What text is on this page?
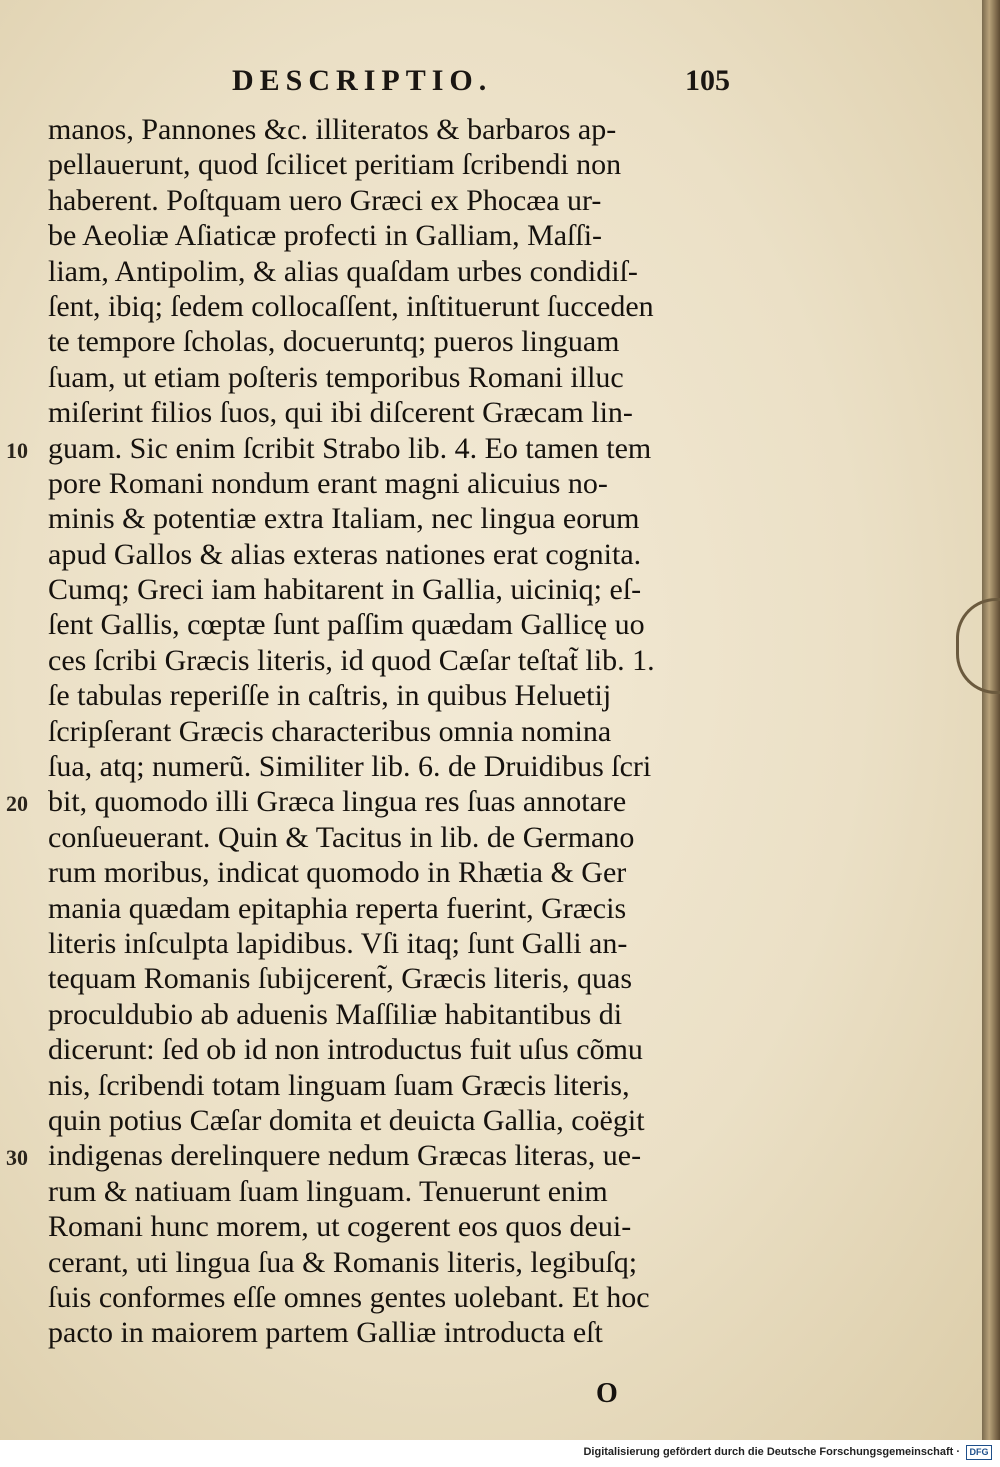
DESCRIPTIO.	105
manos, Pannones &c. illiteratos & barbaros ap-
pellauerunt, quod ſcilicet peritiam ſcribendi non
haberent. Poſtquam uero Græci ex Phocæa ur-
be Aeoliæ Aſiaticæ profecti in Galliam, Maſſi-
liam, Antipolim, & alias quaſdam urbes condidiſ-
ſent, ibiq; ſedem collocaſſent, inſtituerunt ſucceden
te tempore ſcholas, docueruntq; pueros linguam
ſuam, ut etiam poſteris temporibus Romani illuc
miſerint filios ſuos, qui ibi diſcerent Græcam lin-
10 guam. Sic enim ſcribit Strabo lib. 4. Eo tamen tem
pore Romani nondum erant magni alicuius no-
minis & potentiæ extra Italiam, nec lingua eorum
apud Gallos & alias exteras nationes erat cognita.
Cumq; Greci iam habitarent in Gallia, uiciniq; eſ-
ſent Gallis, cœptæ ſunt paſſim quædam Gallicę uo
ces ſcribi Græcis literis, id quod Cæſar teſtat̃ lib. 1.
ſe tabulas reperiſſe in caſtris, in quibus Heluetij
ſcripſerant Græcis characteribus omnia nomina
ſua, atq; numerũ. Similiter lib. 6. de Druidibus ſcri
20 bit, quomodo illi Græca lingua res ſuas annotare
conſueuerant. Quin & Tacitus in lib. de Germano
rum moribus, indicat quomodo in Rhætia & Ger
mania quædam epitaphia reperta fuerint, Græcis
literis inſculpta lapidibus. Vſi itaq; ſunt Galli an-
tequam Romanis ſubijcerent̃, Græcis literis, quas
proculdubio ab aduenis Maſſiliæ habitantibus di
dicerunt: ſed ob id non introductus fuit uſus cõmu
nis, ſcribendi totam linguam ſuam Græcis literis,
quin potius Cæſar domita et deuicta Gallia, coëgit
30 indigenas derelinquere nedum Græcas literas, ue-
rum & natiuam ſuam linguam. Tenuerunt enim
Romani hunc morem, ut cogerent eos quos deui-
cerant, uti lingua ſua & Romanis literis, legibuſq;
ſuis conformes eſſe omnes gentes uolebant. Et hoc
pacto in maiorem partem Galliæ introducta eſt
O
Digitalisierung gefördert durch die Deutsche Forschungsgemeinschaft ·	DFG
